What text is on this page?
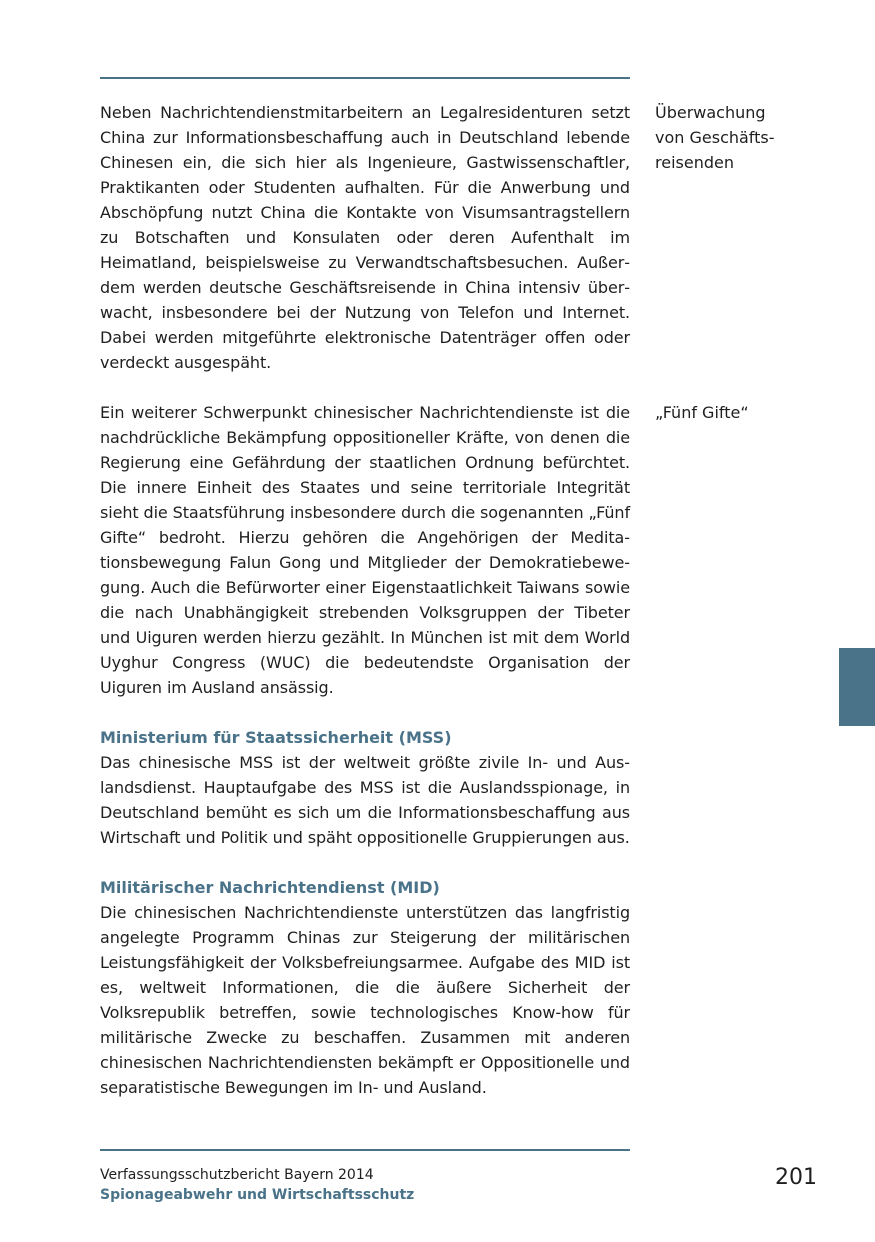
Neben Nachrichtendienstmitarbeitern an Legalresidenturen setzt China zur Informationsbeschaffung auch in Deutschland lebende Chinesen ein, die sich hier als Ingenieure, Gastwissenschaftler, Praktikanten oder Studenten aufhalten. Für die Anwerbung und Abschöpfung nutzt China die Kontakte von Visumsantragstellern zu Botschaften und Konsulaten oder deren Aufenthalt im Heimatland, beispielsweise zu Verwandtschaftsbesuchen. Außerdem werden deutsche Geschäftsreisende in China intensiv überwacht, insbesondere bei der Nutzung von Telefon und Internet. Dabei werden mitgeführte elektronische Datenträger offen oder verdeckt ausgespäht.

Überwachung von Geschäftsreisenden

Ein weiterer Schwerpunkt chinesischer Nachrichtendienste ist die nachdrückliche Bekämpfung oppositioneller Kräfte, von denen die Regierung eine Gefährdung der staatlichen Ordnung befürchtet. Die innere Einheit des Staates und seine territoriale Integrität sieht die Staatsführung insbesondere durch die sogenannten „Fünf Gifte“ bedroht. Hierzu gehören die Angehörigen der Meditationsbewegung Falun Gong und Mitglieder der Demokratiebewegung. Auch die Befürworter einer Eigenstaatlichkeit Taiwans sowie die nach Unabhängigkeit strebenden Volksgruppen der Tibeter und Uiguren werden hierzu gezählt. In München ist mit dem World Uyghur Congress (WUC) die bedeutendste Organisation der Uiguren im Ausland ansässig.

„Fünf Gifte“

Ministerium für Staatssicherheit (MSS)

Das chinesische MSS ist der weltweit größte zivile In- und Auslandsdienst. Hauptaufgabe des MSS ist die Auslandsspionage, in Deutschland bemüht es sich um die Informationsbeschaffung aus Wirtschaft und Politik und späht oppositionelle Gruppierungen aus.

Militärischer Nachrichtendienst (MID)

Die chinesischen Nachrichtendienste unterstützen das langfristig angelegte Programm Chinas zur Steigerung der militärischen Leistungsfähigkeit der Volksbefreiungsarmee. Aufgabe des MID ist es, weltweit Informationen, die die äußere Sicherheit der Volksrepublik betreffen, sowie technologisches Know-how für militärische Zwecke zu beschaffen. Zusammen mit anderen chinesischen Nachrichtendiensten bekämpft er Oppositionelle und separatistische Bewegungen im In- und Ausland.

Verfassungsschutzbericht Bayern 2014
Spionageabwehr und Wirtschaftsschutz
201
